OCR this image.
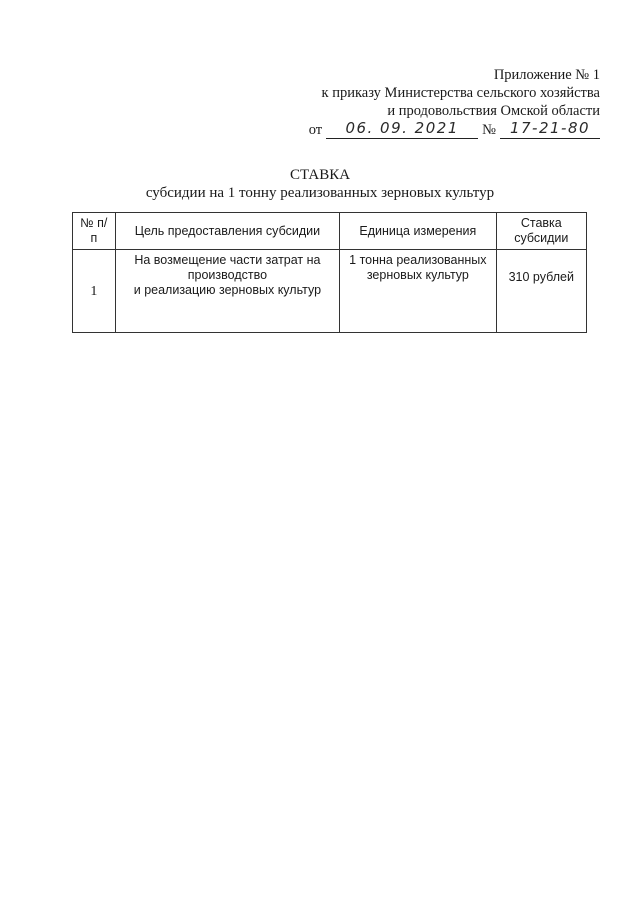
Приложение № 1
к приказу Министерства сельского хозяйства
и продовольствия Омской области
от	06. 09. 2021	№ 17-21-80
СТАВКА
субсидии на 1 тонну реализованных зерновых культур
№ п/п	Цель предоставления субсидии	Единица измерения	Ставка субсидии
1	На возмещение части затрат на производство
и реализацию зерновых культур	1 тонна реализованных зерновых культур	310 рублей
